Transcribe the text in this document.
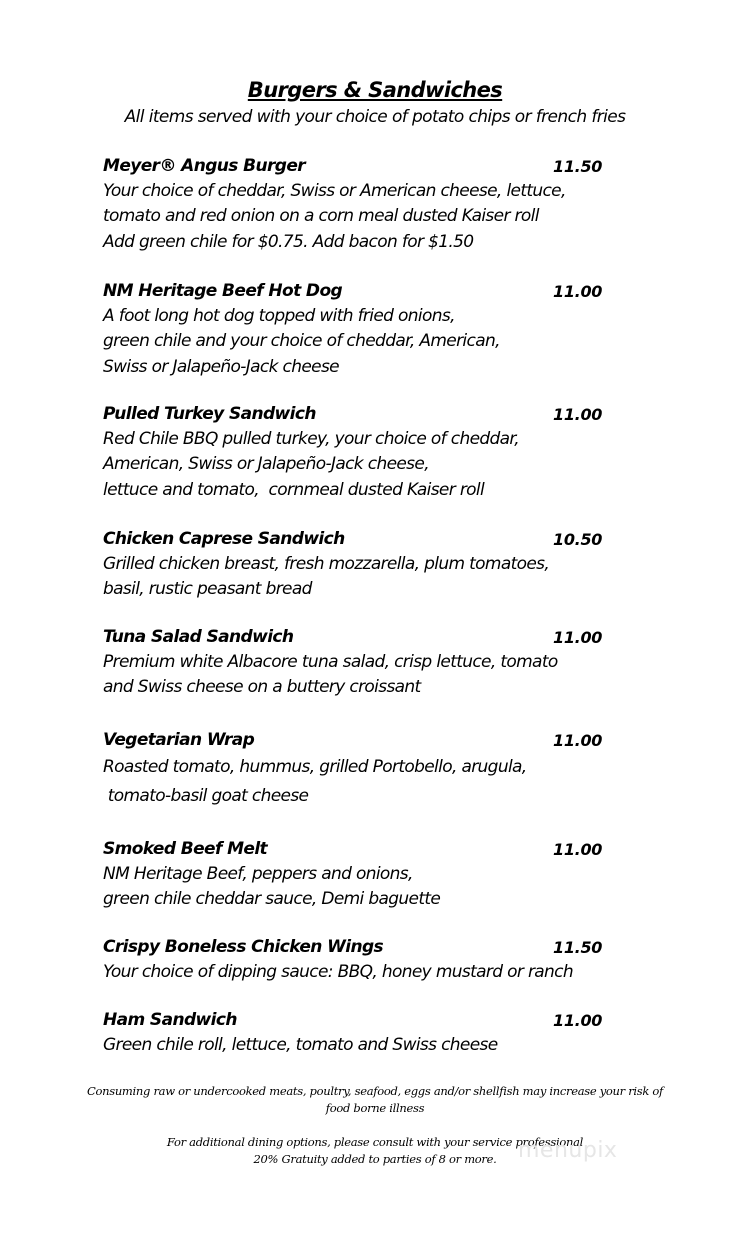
Burgers & Sandwiches
All items served with your choice of potato chips or french fries
Meyer® Angus Burger	11.50
Your choice of cheddar, Swiss or American cheese, lettuce,
tomato and red onion on a corn meal dusted Kaiser roll
Add green chile for $0.75. Add bacon for $1.50
NM Heritage Beef Hot Dog	11.00
A foot long hot dog topped with fried onions,
green chile and your choice of cheddar, American,
Swiss or Jalapeño-Jack cheese
Pulled Turkey Sandwich	11.00
Red Chile BBQ pulled turkey, your choice of cheddar,
American, Swiss or Jalapeño-Jack cheese,
lettuce and tomato,  cornmeal dusted Kaiser roll
Chicken Caprese Sandwich	10.50
Grilled chicken breast, fresh mozzarella, plum tomatoes,
basil, rustic peasant bread
Tuna Salad Sandwich	11.00
Premium white Albacore tuna salad, crisp lettuce, tomato
and Swiss cheese on a buttery croissant
Vegetarian Wrap	11.00
Roasted tomato, hummus, grilled Portobello, arugula,
tomato-basil goat cheese
Smoked Beef Melt	11.00
NM Heritage Beef, peppers and onions,
green chile cheddar sauce, Demi baguette
Crispy Boneless Chicken Wings	11.50
Your choice of dipping sauce: BBQ, honey mustard or ranch
Ham Sandwich	11.00
Green chile roll, lettuce, tomato and Swiss cheese
Consuming raw or undercooked meats, poultry, seafood, eggs and/or shellfish may increase your risk of
food borne illness
For additional dining options, please consult with your service professional
20% Gratuity added to parties of 8 or more. menupix
